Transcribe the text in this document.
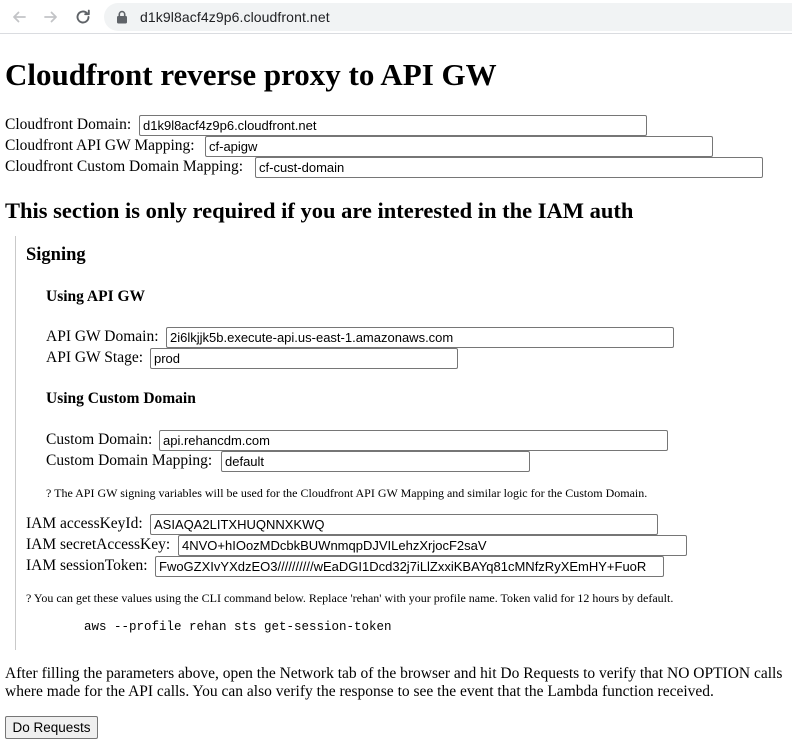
d1k9l8acf4z9p6.cloudfront.net
Cloudfront reverse proxy to API GW
Cloudfront Domain: d1k9l8acf4z9p6.cloudfront.net
Cloudfront API GW Mapping:	cf-apigw
Cloudfront Custom Domain Mapping:	cf-cust-domain
This section is only required if you are interested in the IAM auth
Signing
Using API GW
API GW Domain: 2i6lkjjk5b.execute-api.us-east-1.amazonaws.com
API GW Stage: prod
Using Custom Domain
Custom Domain: api.rehancdm.com
Custom Domain Mapping: default
? The API GW signing variables will be used for the Cloudfront API GW Mapping and similar logic for the Custom Domain.
IAM accessKeyId: ASIAQA2LITXHUQNNXKWQ
IAM secretAccessKey: 4NVO+hIOozMDcbkBUWnmqpDJVILehzXrjocF2saV
IAM sessionToken: FwoGZXIvYXdzEO3//////////wEaDGI1Dcd32j7iLlZxxiKBAYq81cMNfzRyXEmHY+FuoR
? You can get these values using the CLI command below. Replace 'rehan' with your profile name. Token valid for 12 hours by default.
aws --profile rehan sts get-session-token
After filling the parameters above, open the Network tab of the browser and hit Do Requests to verify that NO OPTION calls where made for the API calls. You can also verify the response to see the event that the Lambda function received.
Do Requests
